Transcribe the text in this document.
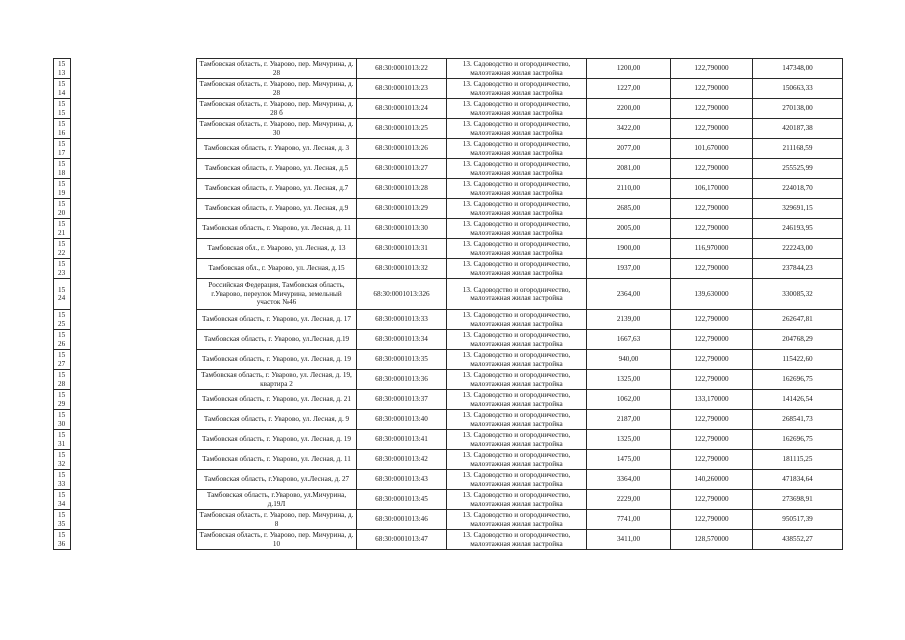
1513		Тамбовская область, г. Уварово, пер. Мичурина, д. 28	68:30:0001013:22	13. Садоводство и огородничество, малоэтажная жилая застройка	1200,00	122,790000	147348,00
1514		Тамбовская область, г. Уварово, пер. Мичурина, д. 28	68:30:0001013:23	13. Садоводство и огородничество, малоэтажная жилая застройка	1227,00	122,790000	150663,33
1515		Тамбовская область, г. Уварово, пер. Мичурина, д. 28 б	68:30:0001013:24	13. Садоводство и огородничество, малоэтажная жилая застройка	2200,00	122,790000	270138,00
1516		Тамбовская область, г. Уварово, пер. Мичурина, д. 30	68:30:0001013:25	13. Садоводство и огородничество, малоэтажная жилая застройка	3422,00	122,790000	420187,38
1517		Тамбовская область, г. Уварово, ул. Лесная, д. 3	68:30:0001013:26	13. Садоводство и огородничество, малоэтажная жилая застройка	2077,00	101,670000	211168,59
1518		Тамбовская область, г. Уварово, ул. Лесная, д.5	68:30:0001013:27	13. Садоводство и огородничество, малоэтажная жилая застройка	2081,00	122,790000	255525,99
1519		Тамбовская область, г. Уварово, ул. Лесная, д.7	68:30:0001013:28	13. Садоводство и огородничество, малоэтажная жилая застройка	2110,00	106,170000	224018,70
1520		Тамбовская область, г. Уварово, ул. Лесная, д.9	68:30:0001013:29	13. Садоводство и огородничество, малоэтажная жилая застройка	2685,00	122,790000	329691,15
1521		Тамбовская область, г. Уварово, ул. Лесная, д. 11	68:30:0001013:30	13. Садоводство и огородничество, малоэтажная жилая застройка	2005,00	122,790000	246193,95
1522		Тамбовская обл., г. Уварово, ул. Лесная, д. 13	68:30:0001013:31	13. Садоводство и огородничество, малоэтажная жилая застройка	1900,00	116,970000	222243,00
1523		Тамбовская обл., г. Уварово, ул. Лесная, д.15	68:30:0001013:32	13. Садоводство и огородничество, малоэтажная жилая застройка	1937,00	122,790000	237844,23
1524		Российская Федерация, Тамбовская область, г.Уварово, переулок Мичурина, земельный участок №46	68:30:0001013:326	13. Садоводство и огородничество, малоэтажная жилая застройка	2364,00	139,630000	330085,32
1525		Тамбовская область, г. Уварово, ул. Лесная, д. 17	68:30:0001013:33	13. Садоводство и огородничество, малоэтажная жилая застройка	2139,00	122,790000	262647,81
1526		Тамбовская область, г. Уварово, ул.Лесная, д.19	68:30:0001013:34	13. Садоводство и огородничество, малоэтажная жилая застройка	1667,63	122,790000	204768,29
1527		Тамбовская область, г. Уварово, ул. Лесная, д. 19	68:30:0001013:35	13. Садоводство и огородничество, малоэтажная жилая застройка	940,00	122,790000	115422,60
1528		Тамбовская область, г. Уварово, ул. Лесная, д. 19, квартира 2	68:30:0001013:36	13. Садоводство и огородничество, малоэтажная жилая застройка	1325,00	122,790000	162696,75
1529		Тамбовская область, г. Уварово, ул. Лесная, д. 21	68:30:0001013:37	13. Садоводство и огородничество, малоэтажная жилая застройка	1062,00	133,170000	141426,54
1530		Тамбовская область, г. Уварово, ул. Лесная, д. 9	68:30:0001013:40	13. Садоводство и огородничество, малоэтажная жилая застройка	2187,00	122,790000	268541,73
1531		Тамбовская область, г. Уварово, ул. Лесная, д. 19	68:30:0001013:41	13. Садоводство и огородничество, малоэтажная жилая застройка	1325,00	122,790000	162696,75
1532		Тамбовская область, г. Уварово, ул. Лесная, д. 11	68:30:0001013:42	13. Садоводство и огородничество, малоэтажная жилая застройка	1475,00	122,790000	181115,25
1533		Тамбовская область, г.Уварово, ул.Лесная, д. 27	68:30:0001013:43	13. Садоводство и огородничество, малоэтажная жилая застройка	3364,00	140,260000	471834,64
1534		Тамбовская область, г.Уварово, ул.Мичурина, д.19Л	68:30:0001013:45	13. Садоводство и огородничество, малоэтажная жилая застройка	2229,00	122,790000	273698,91
1535		Тамбовская область, г. Уварово, пер. Мичурина, д. 8	68:30:0001013:46	13. Садоводство и огородничество, малоэтажная жилая застройка	7741,00	122,790000	950517,39
1536		Тамбовская область, г. Уварово, пер. Мичурина, д. 10	68:30:0001013:47	13. Садоводство и огородничество, малоэтажная жилая застройка	3411,00	128,570000	438552,27
